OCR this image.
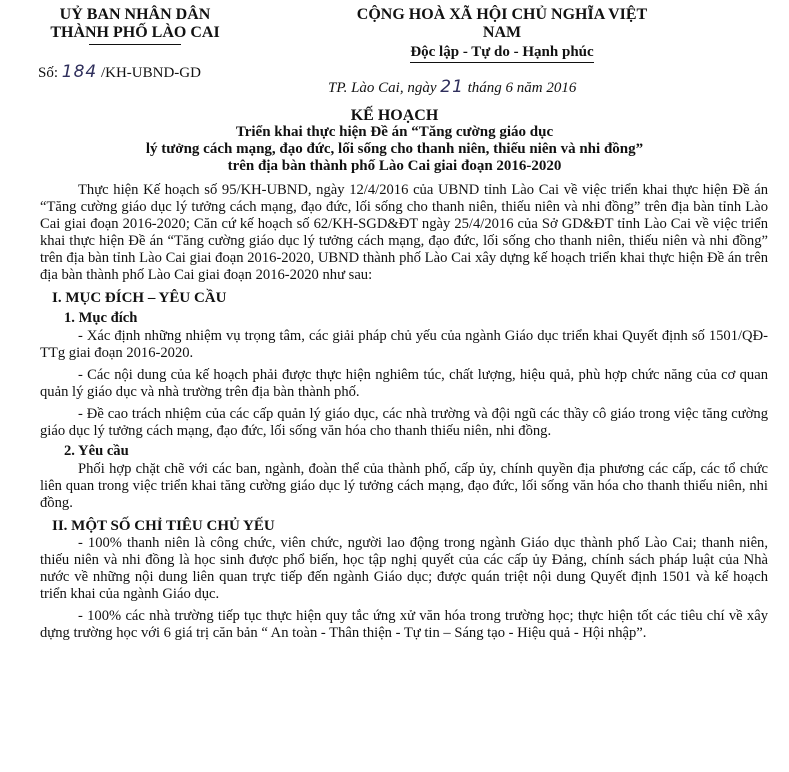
UỶ BAN NHÂN DÂN
THÀNH PHỐ LÀO CAI
CỘNG HOÀ XÃ HỘI CHỦ NGHĨA VIỆT
NAM
Độc lập - Tự do - Hạnh phúc
Số: 184 /KH-UBND-GD
TP. Lào Cai, ngày 21 tháng 6 năm 2016
KẾ HOẠCH
Triển khai thực hiện Đề án “Tăng cường giáo dục
lý tưởng cách mạng, đạo đức, lối sống cho thanh niên, thiếu niên và nhi đồng”
trên địa bàn thành phố Lào Cai giai đoạn 2016-2020

Thực hiện Kế hoạch số 95/KH-UBND, ngày 12/4/2016 của UBND tỉnh Lào Cai về việc triển khai thực hiện Đề án “Tăng cường giáo dục lý tưởng cách mạng, đạo đức, lối sống cho thanh niên, thiếu niên và nhi đồng” trên địa bàn tỉnh Lào Cai giai đoạn 2016-2020; Căn cứ kế hoạch số 62/KH-SGD&ĐT ngày 25/4/2016 của Sở GD&ĐT tỉnh Lào Cai về việc triển khai thực hiện Đề án “Tăng cường giáo dục lý tưởng cách mạng, đạo đức, lối sống cho thanh niên, thiếu niên và nhi đồng” trên địa bàn tỉnh Lào Cai giai đoạn 2016-2020, UBND thành phố Lào Cai xây dựng kế hoạch triển khai thực hiện Đề án trên địa bàn thành phố Lào Cai giai đoạn 2016-2020 như sau:

I. MỤC ĐÍCH – YÊU CẦU
1. Mục đích

- Xác định những nhiệm vụ trọng tâm, các giải pháp chủ yếu của ngành Giáo dục triển khai Quyết định số 1501/QĐ-TTg giai đoạn 2016-2020.

- Các nội dung của kế hoạch phải được thực hiện nghiêm túc, chất lượng, hiệu quả, phù hợp chức năng của cơ quan quản lý giáo dục và nhà trường trên địa bàn thành phố.

- Đề cao trách nhiệm của các cấp quản lý giáo dục, các nhà trường và đội ngũ các thầy cô giáo trong việc tăng cường giáo dục lý tưởng cách mạng, đạo đức, lối sống văn hóa cho thanh thiếu niên, nhi đồng.

2. Yêu cầu

Phối hợp chặt chẽ với các ban, ngành, đoàn thể của thành phố, cấp ủy, chính quyền địa phương các cấp, các tổ chức liên quan trong việc triển khai tăng cường giáo dục lý tưởng cách mạng, đạo đức, lối sống văn hóa cho thanh thiếu niên, nhi đồng.

II. MỘT SỐ CHỈ TIÊU CHỦ YẾU

- 100% thanh niên là công chức, viên chức, người lao động trong ngành Giáo dục thành phố Lào Cai; thanh niên, thiếu niên và nhi đồng là học sinh được phổ biến, học tập nghị quyết của các cấp ủy Đảng, chính sách pháp luật của Nhà nước về những nội dung liên quan trực tiếp đến ngành Giáo dục; được quán triệt nội dung Quyết định 1501 và kế hoạch triển khai của ngành Giáo dục.

- 100% các nhà trường tiếp tục thực hiện quy tắc ứng xử văn hóa trong trường học; thực hiện tốt các tiêu chí về xây dựng trường học với 6 giá trị căn bản “ An toàn - Thân thiện - Tự tin – Sáng tạo - Hiệu quả - Hội nhập”.
